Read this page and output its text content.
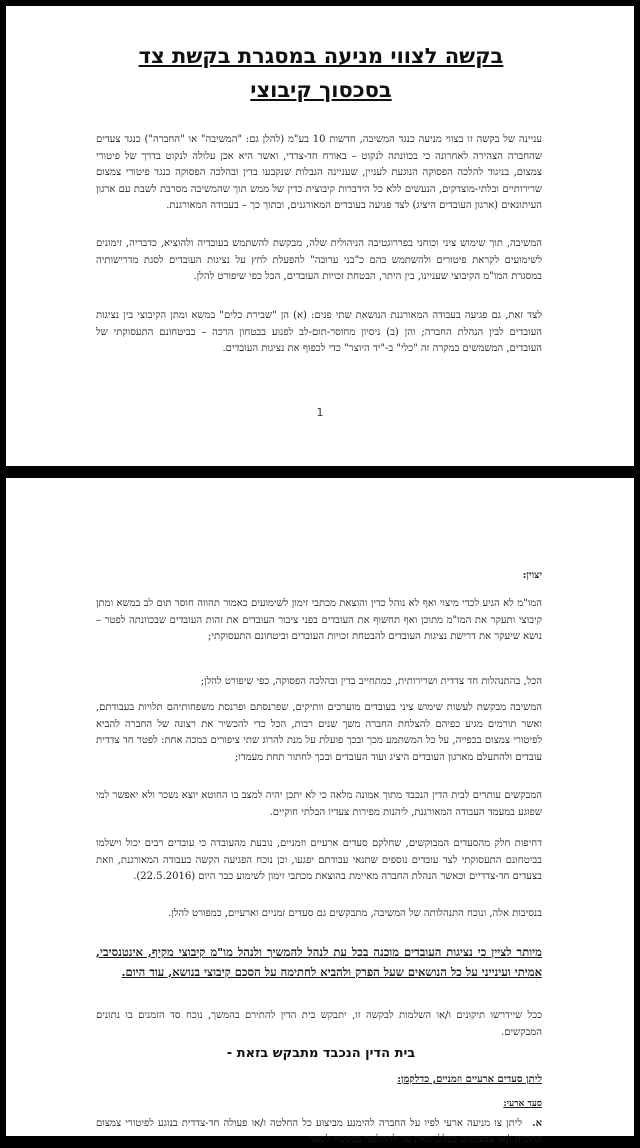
בקשה לצווי מניעה במסגרת בקשת צד
בסכסוך קיבוצי

עניינה של בקשה זו בצווי מניעה כנגד המשיבה, חדשות 10 בע"מ (להלן גם: "המשיבה" או "החברה") כנגד צעדים שהחברה הצהירה לאחרונה כי בכוונתה לנקוט – באורח חד-צדדי, ואשר היא אכן עלולה לנקוט בדרך של פיטורי צמצום, בניגוד להלכה הפסוקה הנוגעת לעניין, שעניינה הגבלות שנקבעו בדין ובהלכה הפסוקה כנגד פיטורי צמצום שרירותיים ובלתי-מוצדקים, הנעשים ללא כל הידברות קיבוצית כדין של ממש תוך שהמשיבה מסרבת לשבת עם ארגון העיתונאים (ארגון העובדים היציג) לצד פגיעה בעובדים המאורגנים, ובתוך כך – בעבודה המאורגנת.

המשיבה, תוך שימוש ציני וכוחני בפררוגטיבה הניהולית שלה, מבקשת להשתמש בעובדיה ולהוציא, כדבריה, זימונים לשימועים לקראת פיטורים ולהשתמש בהם כ"בני ערובה" להפעלת לחץ על נציגות העובדים לסגת מדרישותיה במסגרת המו"מ הקיבוצי שעניינו, בין היתר, הבטחת זכויות העובדים, הכל כפי שיפורט להלן.

לצד זאת, גם פגיעה בעבודה המאורגנת הנושאת שתי פנים: (א) הן "שבירת כלים" במשא ומתן הקיבוצי בין נציגות העובדים לבין הנהלת החברה; והן (ב) ניסיון מחוסר-תום-לב לפגוע בבטחון הרכה – בביטחונם התעסוקתי של העובדים, המשמשים במקרה זה "כלי" ב-"יד היוצר" כדי לכפוף את נציגות העובדים.

1
יצוין:

המו"מ לא הגיע לכדי מיצוי ואף לא נוהל כדין והוצאת מכתבי זימון לשימועים כאמור תהווה חוסר תום לב במשא ומתן קיבוצי ותעקר את המו"מ מתוכן ואף תחשוף את העובדים בפני ציבור העובדים את זהות העובדים שבכוונתה לפטר – נושא שיעקר את דרישת נציגות העובדים להבטחת זכויות העובדים וביטחונם התעסוקתי;

הכל, בהתנהלות חד צדדית ושרירותית, כמתחייב בדין ובהלכה הפסוקה, כפי שיפורט להלן;

המשיבה מבקשת לעשות שימוש ציני בעובדים מוערכים וותיקים, שפרנסתם ופרנסת משפחותיהם תלויות בעבודתם, ואשר תורמים מגיע כפיהם להצלחת החברה משך שנים רבות, הכל כדי להכשיר את רצונה של החברה להביא לפיטורי צמצום בכפייה, על כל המשתמע מכך ובכך פועלת על מנת להרוג שתי ציפורים במכה אחת: לפטר חד צדדית עובדים ולהתעלם מארגון העובדים היציג ועוד העובדים ובכך לחתור תחת מעמדו;

המבקשים עותרים לבית הדין הנכבד מתוך אמונה מלאה כי לא יתכן יהיה למצב בו החוטא יוצא נשכר ולא יאפשר למי שפוגע במעמד העבודה המאורגנת, ליהנות מפירות צעדיו הבלתי חוקיים.

דחיפות חלק מהסעדים המבוקשים, שחלקם סעדים ארעיים וזמניים, נובעת מהעובדה כי עובדים רבים יכול וישלמו בביטחונם התעסוקתי לצד עובדים נוספים שתנאי עבודתם יפגעו, וכן נוכח הפגיעה הקשה בעבודה המאורגנת, וזאת בצעדים חד-צדדיים וכאשר הנהלת החברה מאיימת בהוצאת מכתבי זימון לשימוע כבר היום (22.5.2016).

בנסיבות אלה, ונוכח התנהלותה של המשיבה, מתבקשים גם סעדים זמניים וארעיים, כמפורט להלן.

מיותר לציין כי נציגות העובדים מוכנה בכל עת לנהל להמשיך ולנהל מו"מ קיבוצי מקיף, אינטנסיבי, אמיתי ועינייני על כל הנושאים שעל הפרק ולהביא לחתימה על הסכם קיבוצי בנושא, עוד היום.

ככל שיידרשו תיקונים ו/או השלמות לבקשה זו, יתבקש בית הדין להתירם בהמשך, נוכח סד הזמנים בו נתונים המבקשים.

בית הדין הנכבד מתבקש בזאת -
ליתן סעדים ארעיים וזמניים, כדלקמן:
סעד ארעי:

א.ליתן צו מניעה ארעי לפיו על החברה להימנע מביצוע כל החלטה ו/או פעולה חד-צדדית בנוגע לפיטורי צמצום החברה ו/או צמצומים בכלל, וזאת עד להחלטה בבקשה לסעד
